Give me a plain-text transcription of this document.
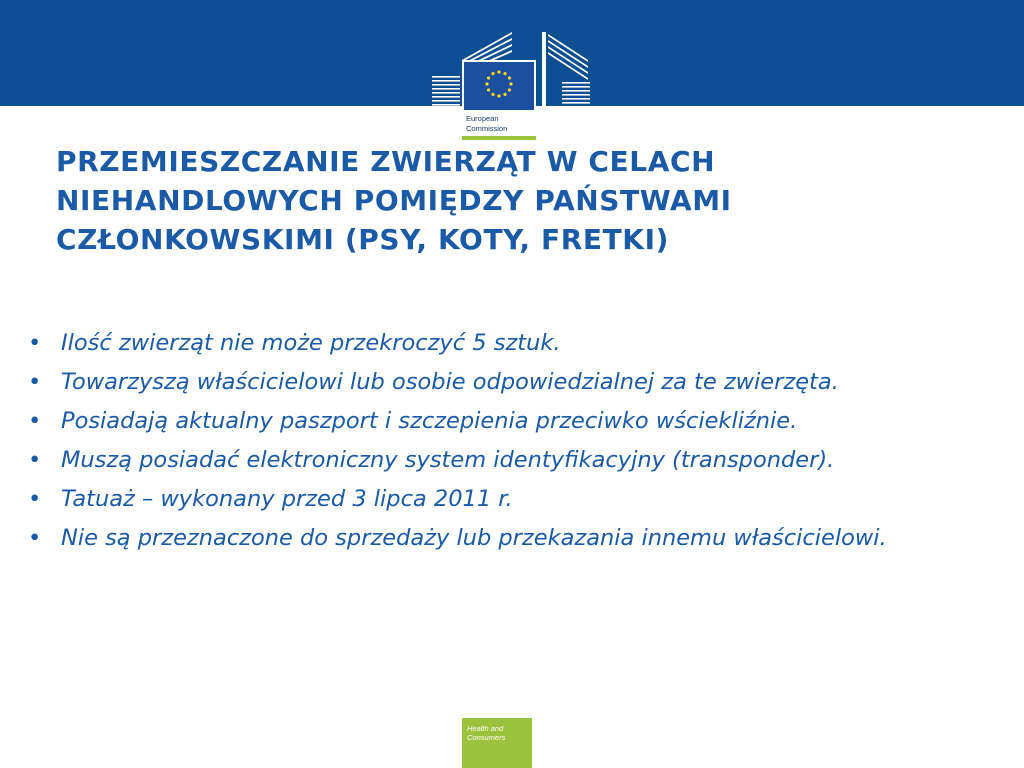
European
Commission
PRZEMIESZCZANIE ZWIERZĄT W CELACH NIEHANDLOWYCH POMIĘDZY PAŃSTWAMI CZŁONKOWSKIMI (PSY, KOTY, FRETKI)
• Ilość zwierząt nie może przekroczyć 5 sztuk.
• Towarzyszą właścicielowi lub osobie odpowiedzialnej za te zwierzęta.
• Posiadają aktualny paszport i szczepienia przeciwko wściekliźnie.
• Muszą posiadać elektroniczny system identyfikacyjny (transponder).
• Tatuaż – wykonany przed 3 lipca 2011 r.
• Nie są przeznaczone do sprzedaży lub przekazania innemu właścicielowi.
Health and Consumers
